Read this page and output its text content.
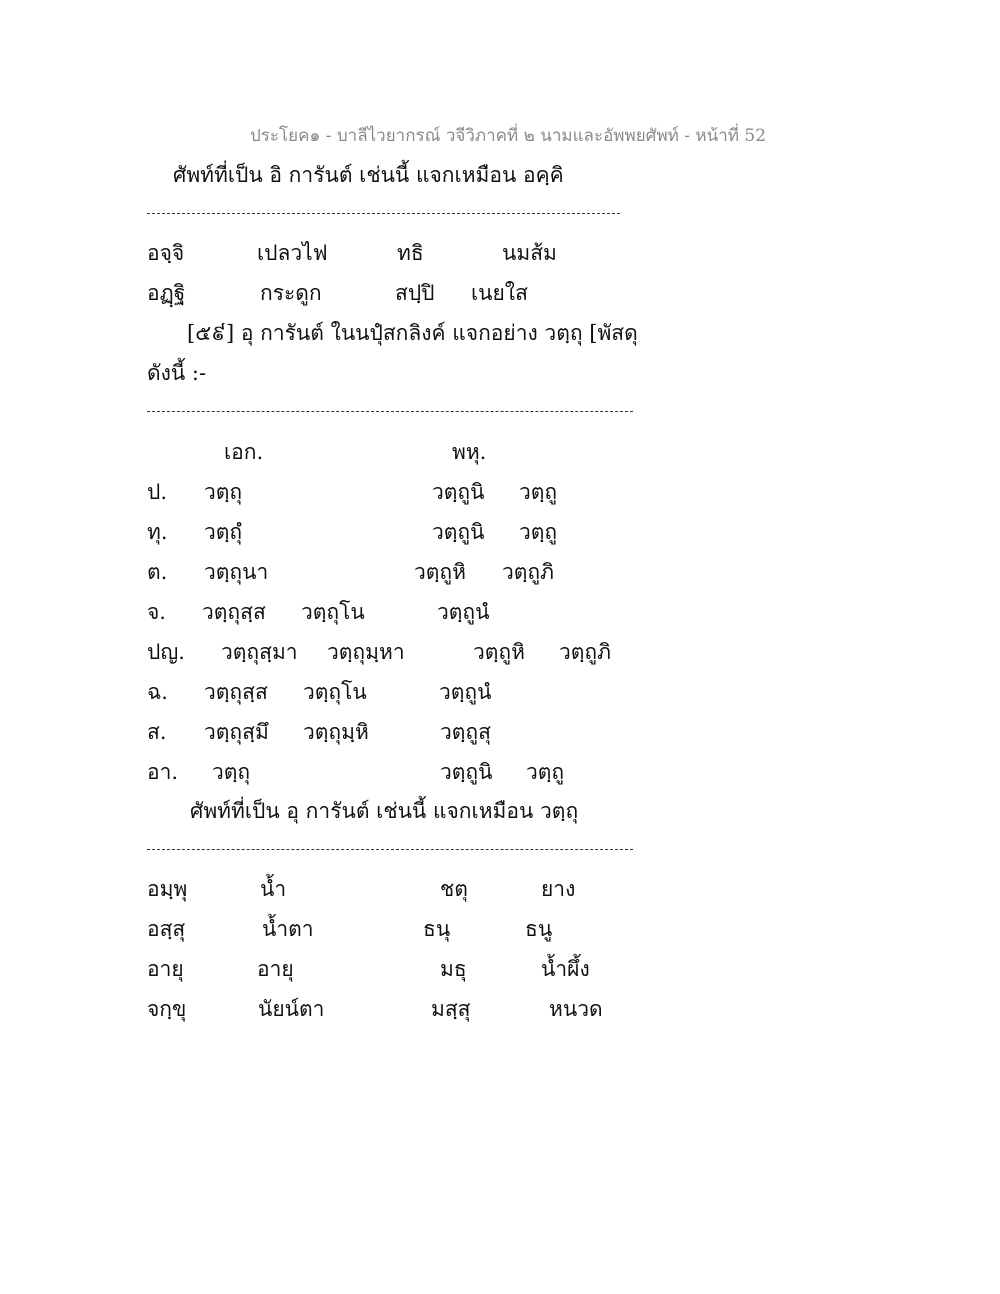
ประโยค๑ - บาลีไวยากรณ์ วจีวิภาคที่ ๒ นามและอัพพยศัพท์ - หน้าที่ 52
ศัพท์ที่เป็น อิ การันต์ เช่นนี้ แจกเหมือน อคฺคิ
อจฺจิ	เปลวไฟ	ทธิ	นมส้ม
อฏฺฐิ	กระดูก	สปฺปิ เนยใส
[๕៩] อุ การันต์ ในนปุํสกลิงค์ แจกอย่าง วตฺถุ [พัสดุ
ดังนี้ :-
เอก.	พหุ.
ป. วตฺถุ	วตฺถูนิ วตฺถู
ทุ. วตฺถุํ	วตฺถูนิ วตฺถู
ต. วตฺถุนา	วตฺถูหิ วตฺถูภิ
จ. วตฺถุสฺส วตฺถุโน	วตฺถูนํ
ปญ. วตฺถุสฺมา วตฺถุมฺหา	วตฺถูหิ วตฺถูภิ
ฉ. วตฺถุสฺส วตฺถุโน	วตฺถูนํ
ส. วตฺถุสฺมึ วตฺถุมฺหิ	วตฺถูสุ
อา. วตฺถุ	วตฺถูนิ วตฺถู
ศัพท์ที่เป็น อุ การันต์ เช่นนี้ แจกเหมือน วตฺถุ
อมฺพุ	น้ำ	ชตุ	ยาง
อสฺสุ	น้ำตา	ธนุ	ธนู
อายุ	อายุ	มธุ	น้ำผึ้ง
จกฺขุ	นัยน์ตา	มสฺสุ	หนวด
